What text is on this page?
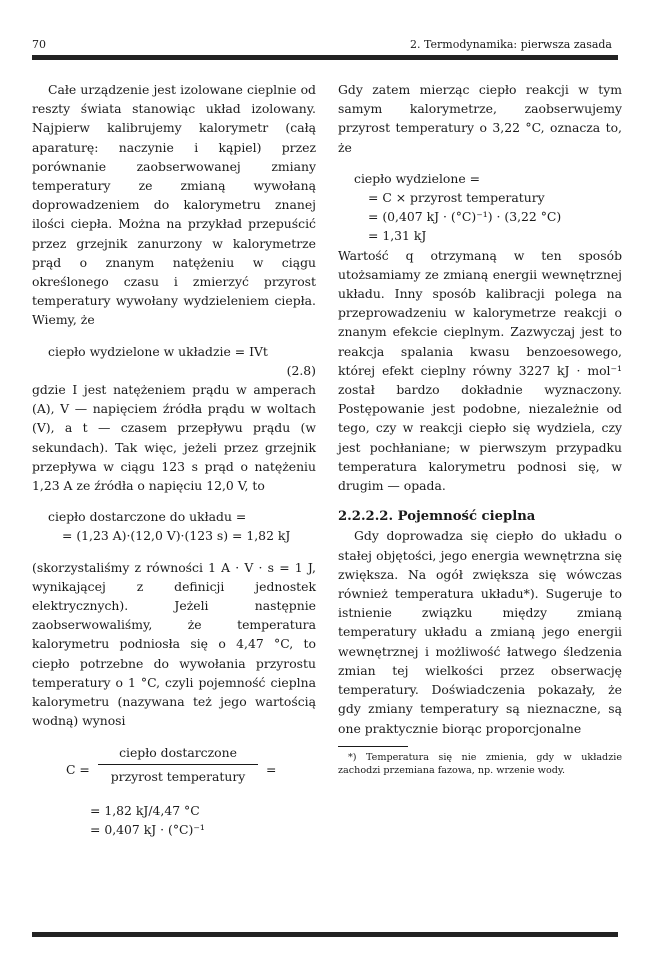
70	2. Termodynamika: pierwsza zasada

Całe urządzenie jest izolowane cieplnie od reszty świata stanowiąc układ izolowany. Najpierw kalibrujemy kalorymetr (całą aparaturę: naczynie i kąpiel) przez porównanie zaobserwowanej zmiany temperatury ze zmianą wywołaną doprowadzeniem do kalorymetru znanej ilości ciepła. Można na przykład przepuścić przez grzejnik zanurzony w kalorymetrze prąd o znanym natężeniu w ciągu określonego czasu i zmierzyć przyrost temperatury wywołany wydzieleniem ciepła. Wiemy, że

ciepło wydzielone w układzie = IVt
(2.8)

gdzie I jest natężeniem prądu w amperach (A), V — napięciem źródła prądu w woltach (V), a t — czasem przepływu prądu (w sekundach). Tak więc, jeżeli przez grzejnik przepływa w ciągu 123 s prąd o natężeniu 1,23 A ze źródła o napięciu 12,0 V, to

ciepło dostarczone do układu =
= (1,23 A)·(12,0 V)·(123 s) = 1,82 kJ

(skorzystaliśmy z równości 1 A · V · s = 1 J, wynikającej z definicji jednostek elektrycznych). Jeżeli następnie zaobserwowaliśmy, że temperatura kalorymetru podniosła się o 4,47 °C, to ciepło potrzebne do wywołania przyrostu temperatury o 1 °C, czyli pojemność cieplna kalorymetru (nazywana też jego wartością wodną) wynosi

C =
ciepło dostarczone
przyrost temperatury	=
= 1,82 kJ/4,47 °C
= 0,407 kJ · (°C)⁻¹

Gdy zatem mierząc ciepło reakcji w tym samym kalorymetrze, zaobserwujemy przyrost temperatury o 3,22 °C, oznacza to, że

ciepło wydzielone =
= C × przyrost temperatury
= (0,407 kJ · (°C)⁻¹) · (3,22 °C)
= 1,31 kJ

Wartość q otrzymaną w ten sposób utożsamiamy ze zmianą energii wewnętrznej układu. Inny sposób kalibracji polega na przeprowadzeniu w kalorymetrze reakcji o znanym efekcie cieplnym. Zazwyczaj jest to reakcja spalania kwasu benzoesowego, której efekt cieplny równy 3227 kJ · mol⁻¹ został bardzo dokładnie wyznaczony. Postępowanie jest podobne, niezależnie od tego, czy w reakcji ciepło się wydziela, czy jest pochłaniane; w pierwszym przypadku temperatura kalorymetru podnosi się, w drugim — opada.

2.2.2.2. Pojemność cieplna

Gdy doprowadza się ciepło do układu o stałej objętości, jego energia wewnętrzna się zwiększa. Na ogół zwiększa się wówczas również temperatura układu*). Sugeruje to istnienie związku między zmianą temperatury układu a zmianą jego energii wewnętrznej i możliwość łatwego śledzenia zmian tej wielkości przez obserwację temperatury. Doświadczenia pokazały, że gdy zmiany temperatury są nieznaczne, są one praktycznie biorąc proporcjonalne

*) Temperatura się nie zmienia, gdy w układzie zachodzi przemiana fazowa, np. wrzenie wody.
